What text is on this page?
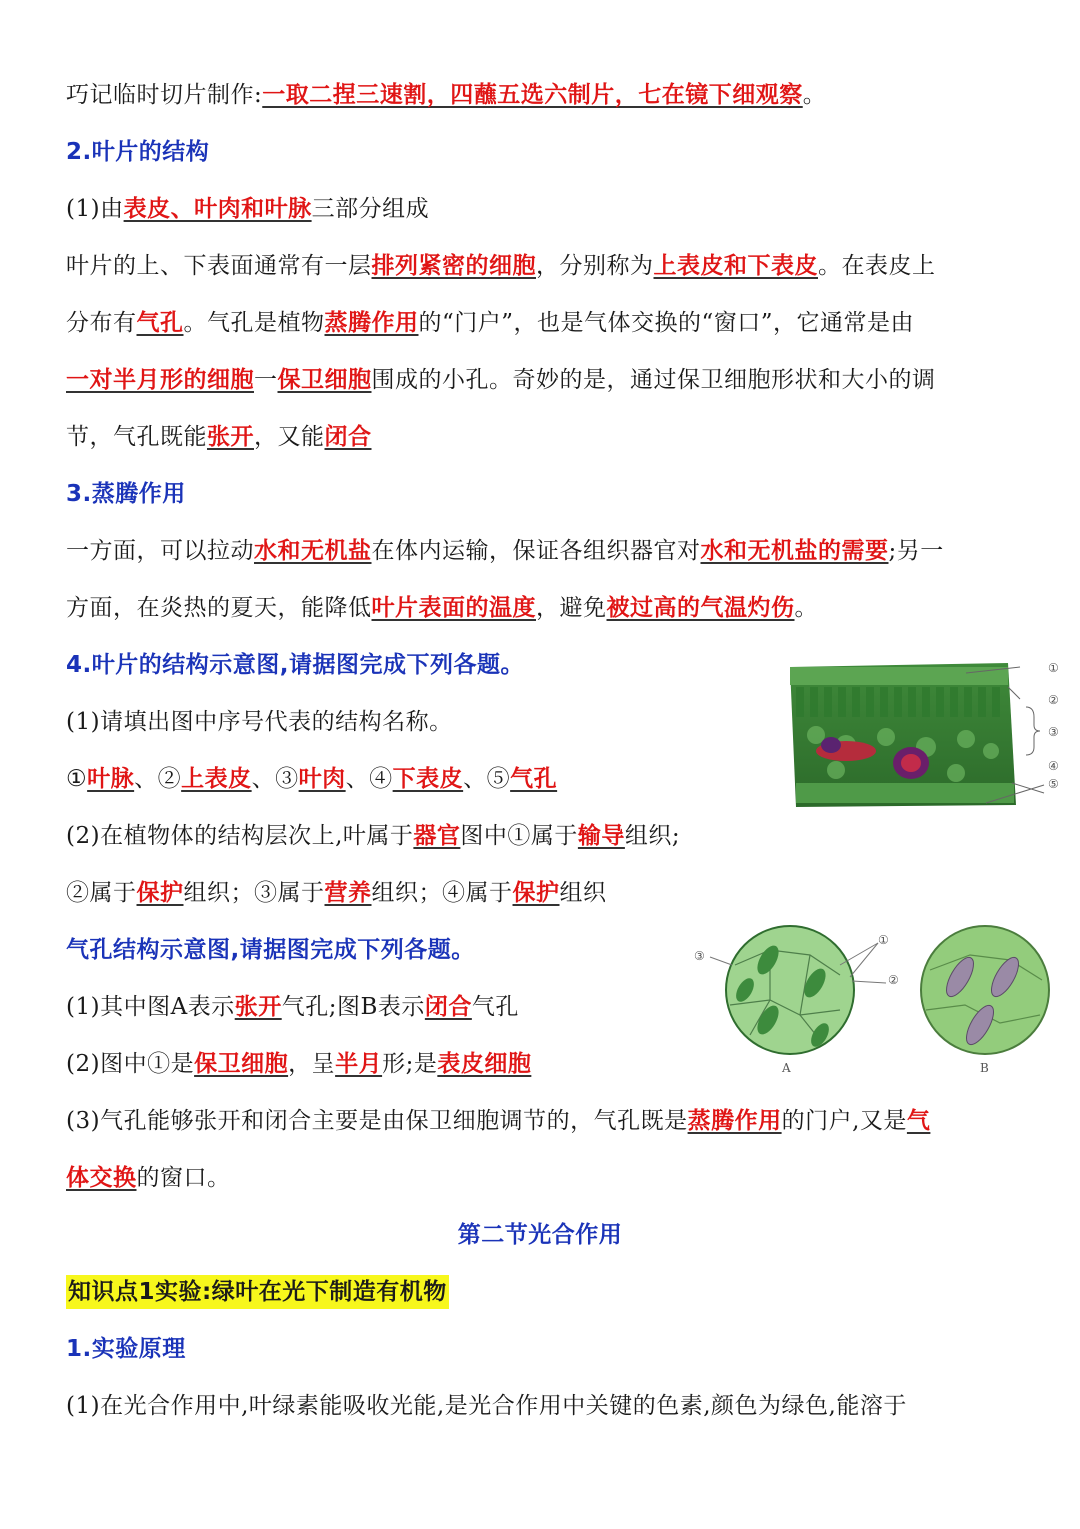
巧记临时切片制作:一取二捏三速割，四蘸五选六制片，七在镜下细观察。
2.叶片的结构
(1)由表皮、叶肉和叶脉三部分组成
叶片的上、下表面通常有一层排列紧密的细胞，分别称为上表皮和下表皮。在表皮上
分布有气孔。气孔是植物蒸腾作用的“门户”，也是气体交换的“窗口”，它通常是由
一对半月形的细胞一保卫细胞围成的小孔。奇妙的是，通过保卫细胞形状和大小的调
节，气孔既能张开，又能闭合
3.蒸腾作用
一方面，可以拉动水和无机盐在体内运输，保证各组织器官对水和无机盐的需要;另一
方面，在炎热的夏天，能降低叶片表面的温度，避免被过高的气温灼伤。
4.叶片的结构示意图,请据图完成下列各题。
(1)请填出图中序号代表的结构名称。
①叶脉、②上表皮、③叶肉、④下表皮、⑤气孔
(2)在植物体的结构层次上,叶属于器官图中①属于输导组织;
②属于保护组织；③属于营养组织；④属于保护组织
气孔结构示意图,请据图完成下列各题。
(1)其中图A表示张开气孔;图B表示闭合气孔
(2)图中①是保卫细胞，呈半月形;是表皮细胞
(3)气孔能够张开和闭合主要是由保卫细胞调节的，气孔既是蒸腾作用的门户,又是气
体交换的窗口。
第二节光合作用
知识点1实验:绿叶在光下制造有机物
1.实验原理
(1)在光合作用中,叶绿素能吸收光能,是光合作用中关键的色素,颜色为绿色,能溶于
①
②
③
④
⑤
③
①
②
A	B
